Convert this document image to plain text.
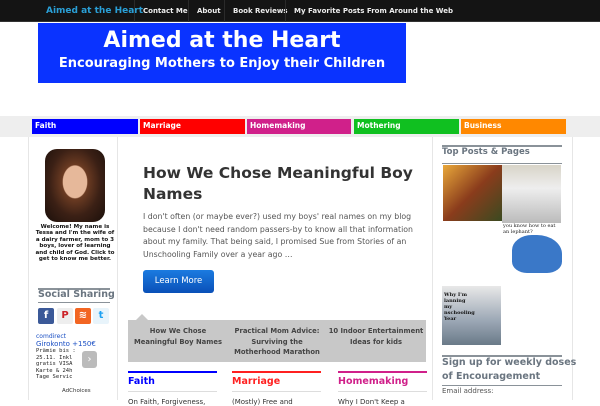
Aimed at the Heart Contact Me	About	Book Reviews My Favorite Posts From Around the Web
Aimed at the Heart
Encouraging Mothers to Enjoy their Children
Faith	Marriage	Homemaking	Mothering	Business
Welcome! My name is Tessa and I'm the wife of a dairy farmer, mom to 3 boys, lover of learning and child of God. Click to get to know me better.
Social Sharing
f	P	≋	t
comdirect
Girokonto +150€
Prämie bis : 25.11. Inkl gratis VISA Karte & 24h Tage Servic
›
AdChoices
How We Chose Meaningful Boy Names
I don't often (or maybe ever?) used my boys' real names on my blog because I don't need random passers-by to know all that information about my family. That being said, I promised Sue from Stories of an Unschooling Family over a year ago …
Learn More
How We Chose Meaningful Boy Names
Practical Mom Advice: Surviving the Motherhood Marathon
10 Indoor Entertainment Ideas for kids
Faith
On Faith, Forgiveness,
Marriage
(Mostly) Free and
Homemaking
Why I Don't Keep a
Top Posts & Pages
you know how to eat an lephant?
Why I'm lanning my nschooling Year
Sign up for weekly doses of Encouragement
Email address:
